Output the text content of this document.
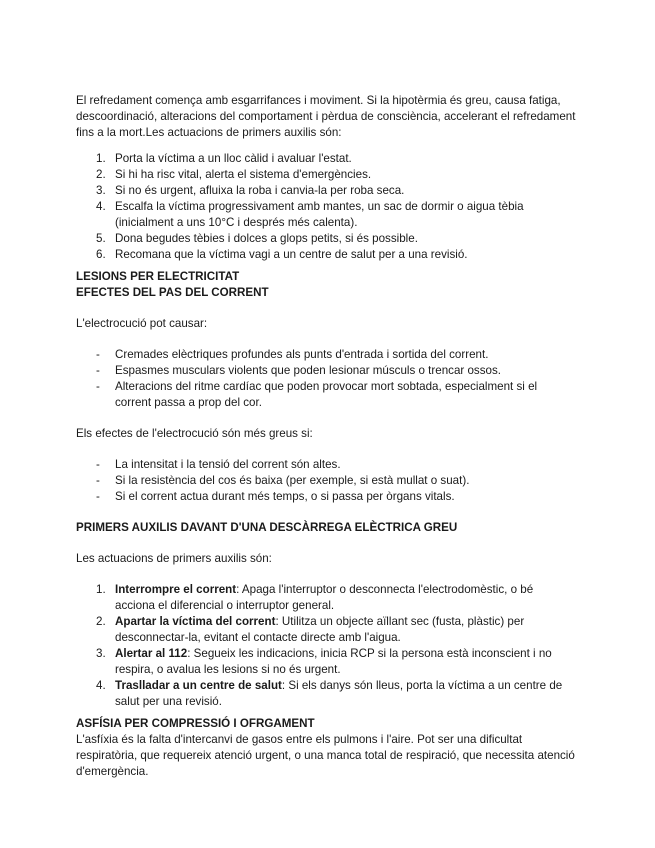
El refredament comença amb esgarrifances i moviment. Si la hipotèrmia és greu, causa fatiga, descoordinació, alteracions del comportament i pèrdua de consciència, accelerant el refredament fins a la mort.Les actuacions de primers auxilis són:

1. Porta la víctima a un lloc càlid i avaluar l'estat.
2. Si hi ha risc vital, alerta el sistema d'emergències.
3. Si no és urgent, afluixa la roba i canvia-la per roba seca.
4. Escalfa la víctima progressivament amb mantes, un sac de dormir o aigua tèbia (inicialment a uns 10°C i després més calenta).
5. Dona begudes tèbies i dolces a glops petits, si és possible.
6. Recomana que la víctima vagi a un centre de salut per a una revisió.

LESIONS PER ELECTRICITAT

EFECTES DEL PAS DEL CORRENT

L'electrocució pot causar:

- Cremades elèctriques profundes als punts d'entrada i sortida del corrent.
- Espasmes musculars violents que poden lesionar músculs o trencar ossos.
- Alteracions del ritme cardíac que poden provocar mort sobtada, especialment si el corrent passa a prop del cor.

Els efectes de l'electrocució són més greus si:

- La intensitat i la tensió del corrent són altes.
- Si la resistència del cos és baixa (per exemple, si està mullat o suat).
- Si el corrent actua durant més temps, o si passa per òrgans vitals.

PRIMERS AUXILIS DAVANT D'UNA DESCÀRREGA ELÈCTRICA GREU

Les actuacions de primers auxilis són:

1. Interrompre el corrent: Apaga l'interruptor o desconnecta l'electrodomèstic, o bé acciona el diferencial o interruptor general.
2. Apartar la víctima del corrent: Utilitza un objecte aïllant sec (fusta, plàstic) per desconnectar-la, evitant el contacte directe amb l'aigua.
3. Alertar al 112: Segueix les indicacions, inicia RCP si la persona està inconscient i no respira, o avalua les lesions si no és urgent.
4. Traslladar a un centre de salut: Si els danys són lleus, porta la víctima a un centre de salut per una revisió.

ASFÍSIA PER COMPRESSIÓ I OFRGAMENT

L'asfíxia és la falta d'intercanvi de gasos entre els pulmons i l'aire. Pot ser una dificultat respiratòria, que requereix atenció urgent, o una manca total de respiració, que necessita atenció d'emergència.
